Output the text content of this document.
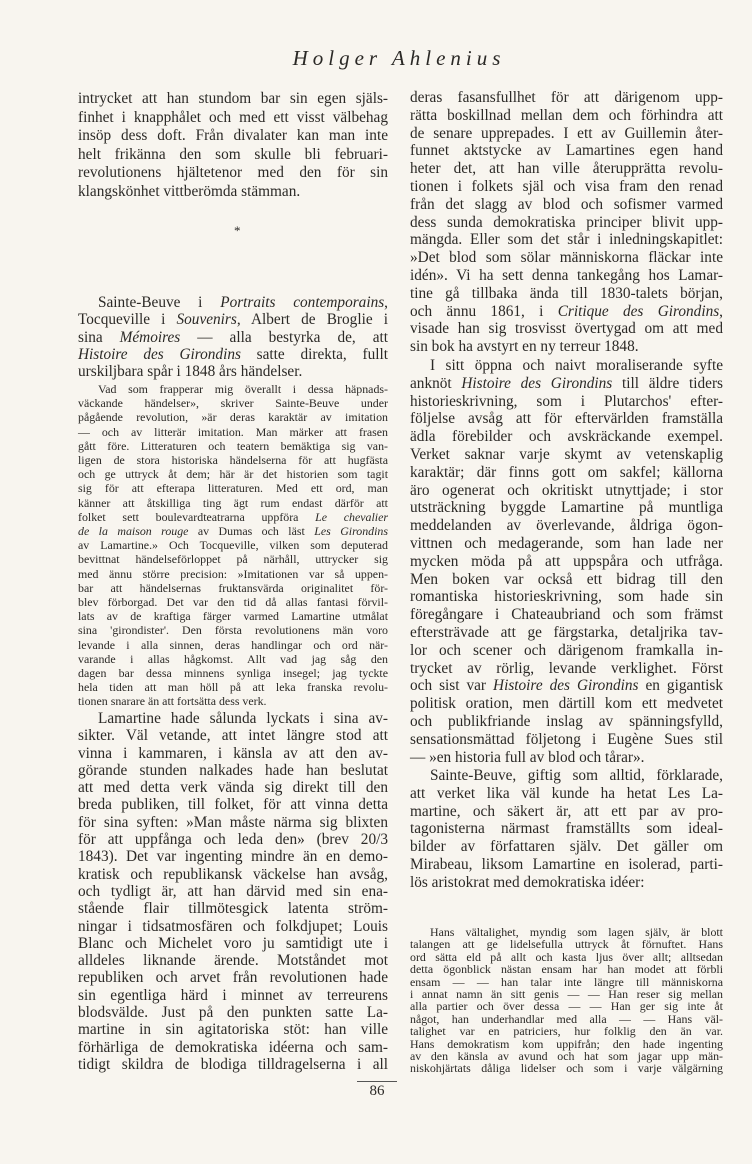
Holger Ahlenius
intrycket att han stundom bar sin egen själs-
finhet i knapphålet och med ett visst välbehag
insöp dess doft. Från divalater kan man inte
helt frikänna den som skulle bli februari-
revolutionens hjältetenor med den för sin
klangskönhet vittberömda stämman.
*
Sainte-Beuve i Portraits contemporains,
Tocqueville i Souvenirs, Albert de Broglie i
sina Mémoires — alla bestyrka de, att
Histoire des Girondins satte direkta, fullt
urskiljbara spår i 1848 års händelser.
Vad som frapperar mig överallt i dessa häpnads-
väckande händelser», skriver Sainte-Beuve under
pågående revolution, »är deras karaktär av imitation
— och av litterär imitation. Man märker att frasen
gått före. Litteraturen och teatern bemäktiga sig van-
ligen de stora historiska händelserna för att hugfästa
och ge uttryck åt dem; här är det historien som tagit
sig för att efterapa litteraturen. Med ett ord, man
känner att åtskilliga ting ägt rum endast därför att
folket sett boulevardteatrarna uppföra Le chevalier
de la maison rouge av Dumas och läst Les Girondins
av Lamartine.» Och Tocqueville, vilken som deputerad
bevittnat händelseförloppet på närhåll, uttrycker sig
med ännu större precision: »Imitationen var så uppen-
bar att händelsernas fruktansvärda originalitet för-
blev förborgad. Det var den tid då allas fantasi förvil-
lats av de kraftiga färger varmed Lamartine utmålat
sina 'girondister'. Den första revolutionens män voro
levande i alla sinnen, deras handlingar och ord när-
varande i allas hågkomst. Allt vad jag såg den
dagen bar dessa minnens synliga insegel; jag tyckte
hela tiden att man höll på att leka franska revolu-
tionen snarare än att fortsätta dess verk.
Lamartine hade sålunda lyckats i sina av-
sikter. Väl vetande, att intet längre stod att
vinna i kammaren, i känsla av att den av-
görande stunden nalkades hade han beslutat
att med detta verk vända sig direkt till den
breda publiken, till folket, för att vinna detta
för sina syften: »Man måste närma sig blixten
för att uppfånga och leda den» (brev 20/3
1843). Det var ingenting mindre än en demo-
kratisk och republikansk väckelse han avsåg,
och tydligt är, att han därvid med sin ena-
stående flair tillmötesgick latenta ström-
ningar i tidsatmosfären och folkdjupet; Louis
Blanc och Michelet voro ju samtidigt ute i
alldeles liknande ärende. Motståndet mot
republiken och arvet från revolutionen hade
sin egentliga härd i minnet av terreurens
blodsvälde. Just på den punkten satte La-
martine in sin agitatoriska stöt: han ville
förhärliga de demokratiska idéerna och sam-
tidigt skildra de blodiga tilldragelserna i all
deras fasansfullhet för att därigenom upp-
rätta boskillnad mellan dem och förhindra att
de senare upprepades. I ett av Guillemin åter-
funnet aktstycke av Lamartines egen hand
heter det, att han ville återupprätta revolu-
tionen i folkets själ och visa fram den renad
från det slagg av blod och sofismer varmed
dess sunda demokratiska principer blivit upp-
mängda. Eller som det står i inledningskapitlet:
»Det blod som sölar människorna fläckar inte
idén». Vi ha sett denna tankegång hos Lamar-
tine gå tillbaka ända till 1830-talets början,
och ännu 1861, i Critique des Girondins,
visade han sig trosvisst övertygad om att med
sin bok ha avstyrt en ny terreur 1848.
I sitt öppna och naivt moraliserande syfte
anknöt Histoire des Girondins till äldre tiders
historieskrivning, som i Plutarchos' efter-
följelse avsåg att för eftervärlden framställa
ädla förebilder och avskräckande exempel.
Verket saknar varje skymt av vetenskaplig
karaktär; där finns gott om sakfel; källorna
äro ogenerat och okritiskt utnyttjade; i stor
utsträckning byggde Lamartine på muntliga
meddelanden av överlevande, åldriga ögon-
vittnen och medagerande, som han lade ner
mycken möda på att uppspåra och utfråga.
Men boken var också ett bidrag till den
romantiska historieskrivning, som hade sin
föregångare i Chateaubriand och som främst
eftersträvade att ge färgstarka, detaljrika tav-
lor och scener och därigenom framkalla in-
trycket av rörlig, levande verklighet. Först
och sist var Histoire des Girondins en gigantisk
politisk oration, men därtill kom ett medvetet
och publikfriande inslag av spänningsfylld,
sensationsmättad följetong i Eugène Sues stil
— »en historia full av blod och tårar».
Sainte-Beuve, giftig som alltid, förklarade,
att verket lika väl kunde ha hetat Les La-
martine, och säkert är, att ett par av pro-
tagonisterna närmast framställts som ideal-
bilder av författaren själv. Det gäller om
Mirabeau, liksom Lamartine en isolerad, parti-
lös aristokrat med demokratiska idéer:
Hans vältalighet, myndig som lagen själv, är blott
talangen att ge lidelsefulla uttryck åt förnuftet. Hans
ord sätta eld på allt och kasta ljus över allt; alltsedan
detta ögonblick nästan ensam har han modet att förbli
ensam — — han talar inte längre till människorna
i annat namn än sitt genis — — Han reser sig mellan
alla partier och över dessa — — Han ger sig inte åt
något, han underhandlar med alla — — Hans väl-
talighet var en patriciers, hur folklig den än var.
Hans demokratism kom uppifrån; den hade ingenting
av den känsla av avund och hat som jagar upp män-
niskohjärtats dåliga lidelser och som i varje välgärning
86
